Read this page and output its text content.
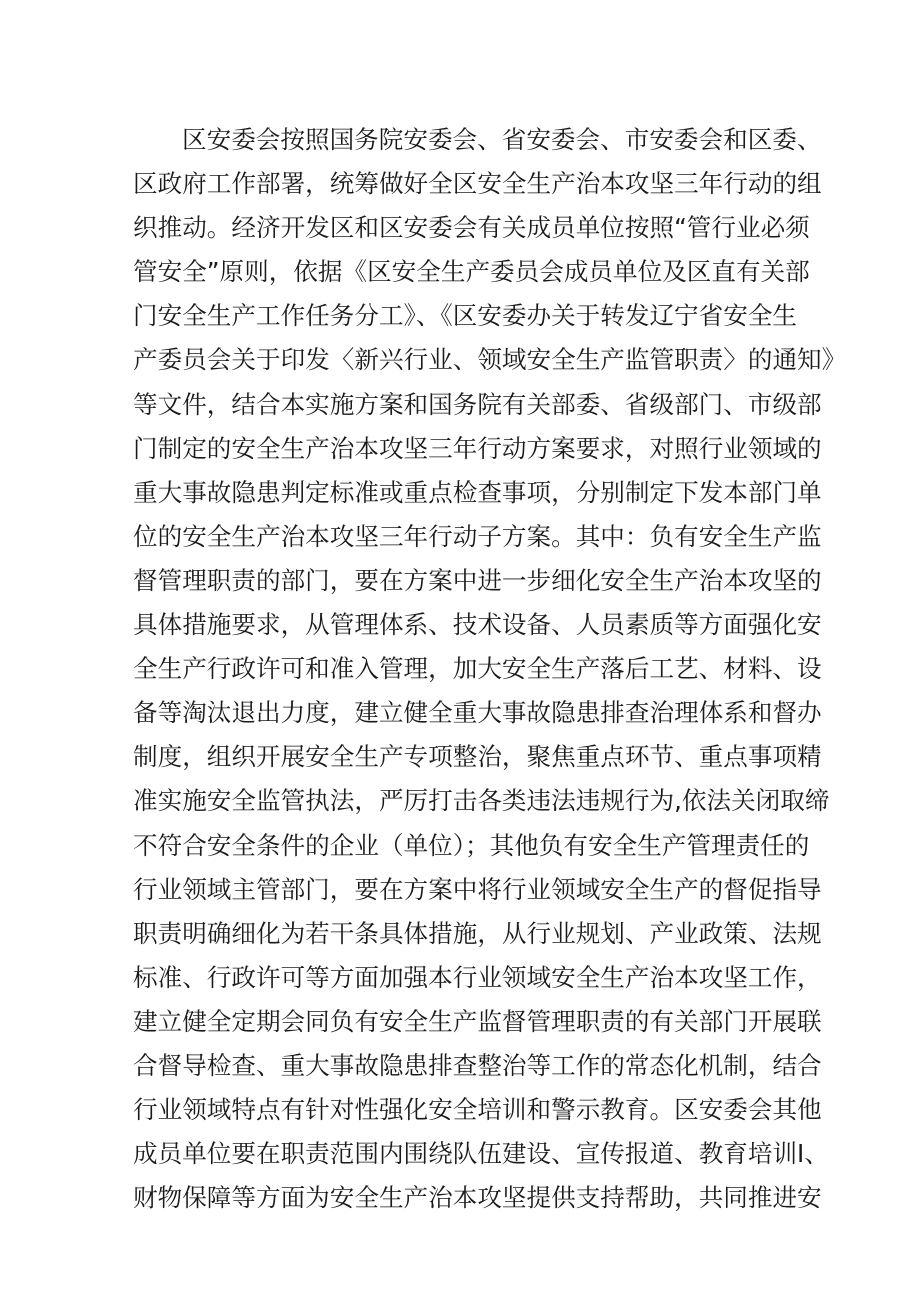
区安委会按照国务院安委会、省安委会、市安委会和区委、
区政府工作部署，统筹做好全区安全生产治本攻坚三年行动的组
织推动。经济开发区和区安委会有关成员单位按照“管行业必须
管安全”原则，依据《区安全生产委员会成员单位及区直有关部
门安全生产工作任务分工》、《区安委办关于转发辽宁省安全生
产委员会关于印发〈新兴行业、领域安全生产监管职责〉的通知》
等文件，结合本实施方案和国务院有关部委、省级部门、市级部
门制定的安全生产治本攻坚三年行动方案要求，对照行业领域的
重大事故隐患判定标准或重点检查事项，分别制定下发本部门单
位的安全生产治本攻坚三年行动子方案。其中：负有安全生产监
督管理职责的部门，要在方案中进一步细化安全生产治本攻坚的
具体措施要求，从管理体系、技术设备、人员素质等方面强化安
全生产行政许可和准入管理，加大安全生产落后工艺、材料、设
备等淘汰退出力度，建立健全重大事故隐患排查治理体系和督办
制度，组织开展安全生产专项整治，聚焦重点环节、重点事项精
准实施安全监管执法，严厉打击各类违法违规行为,依法关闭取缔
不符合安全条件的企业（单位）；其他负有安全生产管理责任的
行业领域主管部门，要在方案中将行业领域安全生产的督促指导
职责明确细化为若干条具体措施，从行业规划、产业政策、法规
标准、行政许可等方面加强本行业领域安全生产治本攻坚工作，
建立健全定期会同负有安全生产监督管理职责的有关部门开展联
合督导检查、重大事故隐患排查整治等工作的常态化机制，结合
行业领域特点有针对性强化安全培训和警示教育。区安委会其他
成员单位要在职责范围内围绕队伍建设、宣传报道、教育培训I、
财物保障等方面为安全生产治本攻坚提供支持帮助，共同推进安
